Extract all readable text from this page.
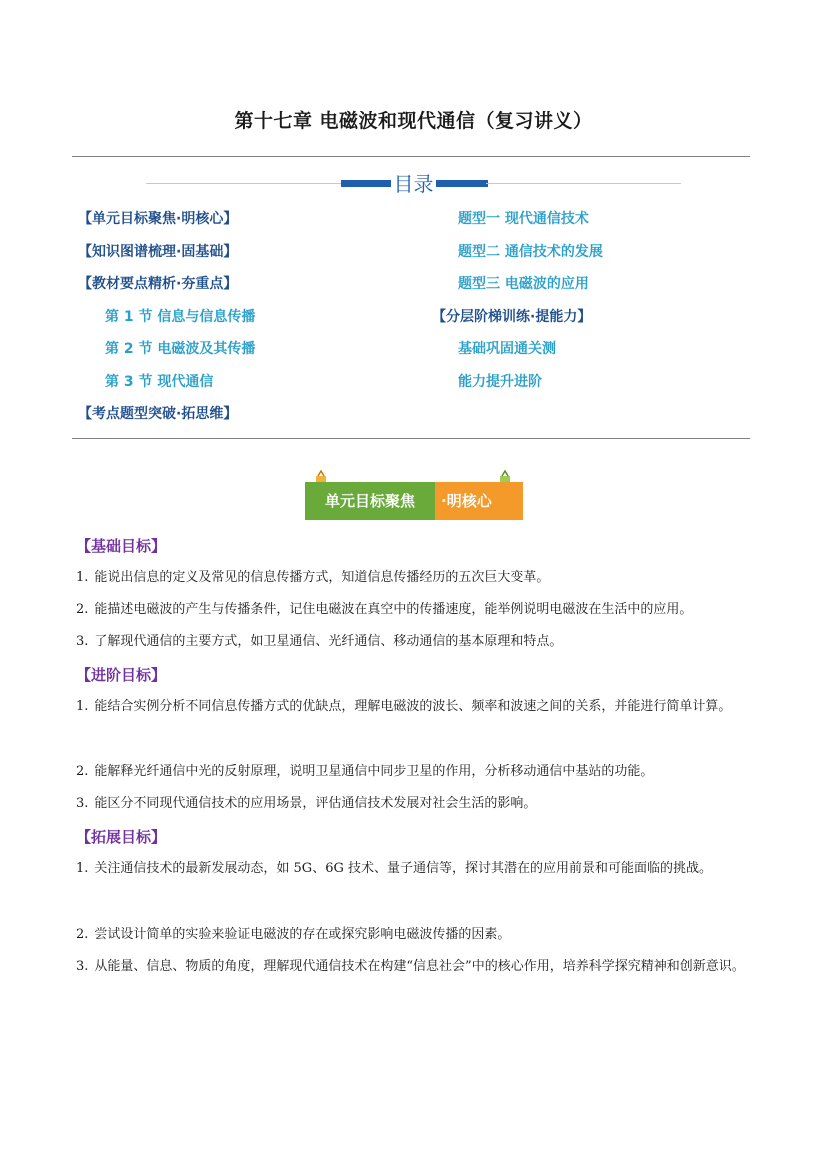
第十七章 电磁波和现代通信（复习讲义）
目录
【单元目标聚焦·明核心】
【知识图谱梳理·固基础】
【教材要点精析·夯重点】
第 1 节 信息与信息传播
第 2 节 电磁波及其传播
第 3 节 现代通信
【考点题型突破·拓思维】
题型一 现代通信技术
题型二 通信技术的发展
题型三 电磁波的应用
【分层阶梯训练·提能力】
基础巩固通关测
能力提升进阶
单元目标聚焦	·明核心
【基础目标】
1. 能说出信息的定义及常见的信息传播方式，知道信息传播经历的五次巨大变革。
2. 能描述电磁波的产生与传播条件，记住电磁波在真空中的传播速度，能举例说明电磁波在生活中的应用。
3. 了解现代通信的主要方式，如卫星通信、光纤通信、移动通信的基本原理和特点。
【进阶目标】
1. 能结合实例分析不同信息传播方式的优缺点，理解电磁波的波长、频率和波速之间的关系，并能进行简单计算。
2. 能解释光纤通信中光的反射原理，说明卫星通信中同步卫星的作用，分析移动通信中基站的功能。
3. 能区分不同现代通信技术的应用场景，评估通信技术发展对社会生活的影响。
【拓展目标】
1. 关注通信技术的最新发展动态，如 5G、6G 技术、量子通信等，探讨其潜在的应用前景和可能面临的挑战。
2. 尝试设计简单的实验来验证电磁波的存在或探究影响电磁波传播的因素。
3. 从能量、信息、物质的角度，理解现代通信技术在构建“信息社会”中的核心作用，培养科学探究精神和创新意识。
